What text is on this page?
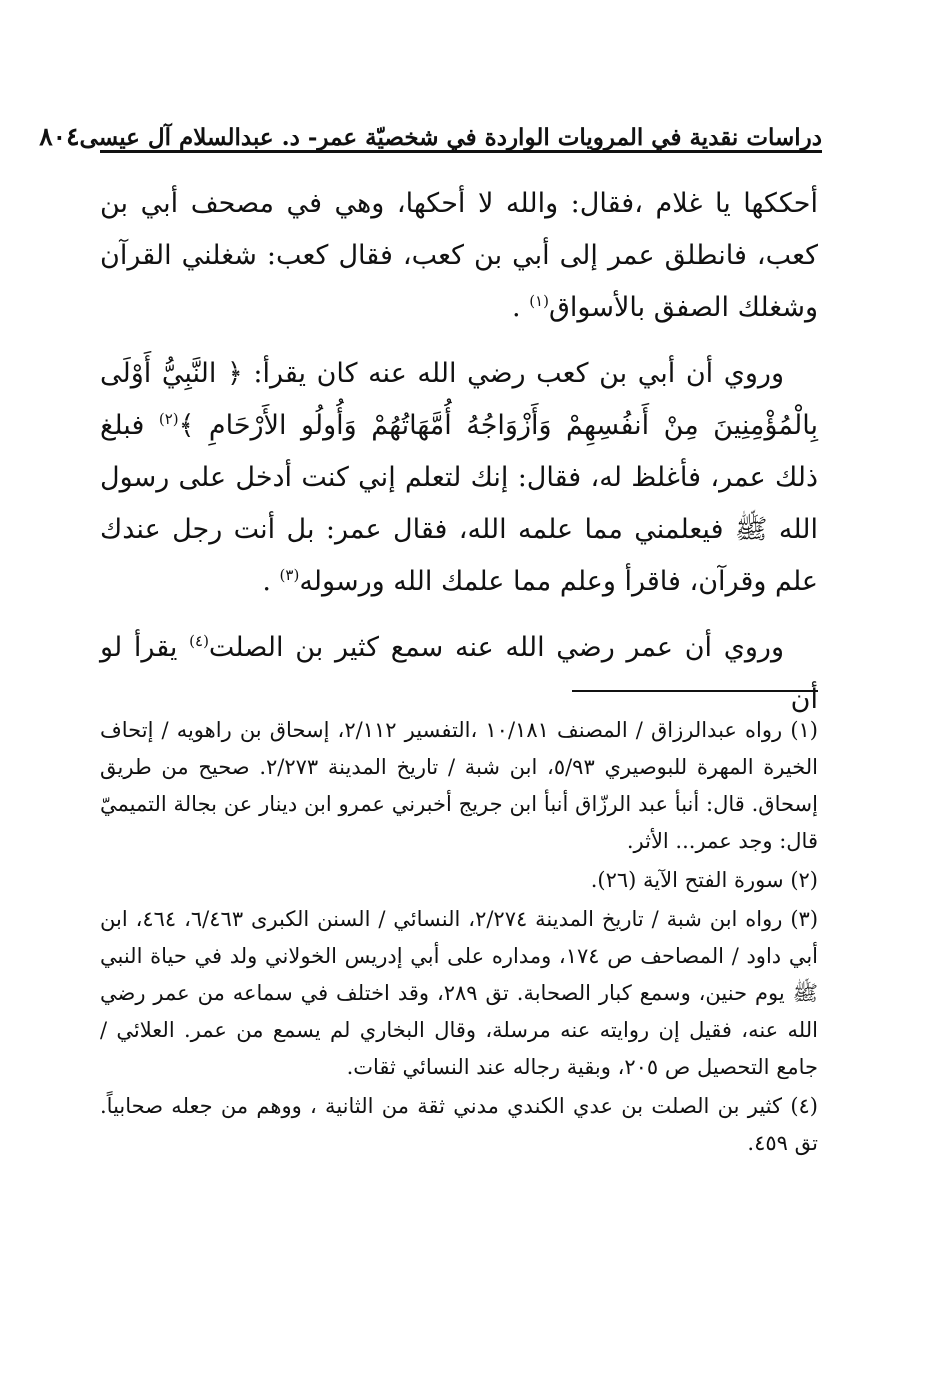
دراسات نقدية في المرويات الواردة في شخصيّة عمر- د. عبدالسلام آل عيسى
٨٠٤

أحككها يا غلام ،فقال: والله لا أحكها، وهي في مصحف أبي بن كعب، فانطلق عمر إلى أبي بن كعب، فقال كعب: شغلني القرآن وشغلك الصفق بالأسواق$^{(١)}$ .

وروي أن أبي بن كعب رضي الله عنه كان يقرأ: ﴿ النَّبِيُّ أَوْلَى بِالْمُؤْمِنِينَ مِنْ أَنفُسِهِمْ وَأَزْوَاجُهُ أُمَّهَاتُهُمْ وَأُولُو الأَرْحَامِ ﴾$^{(٢)}$ فبلغ ذلك عمر، فأغلظ له، فقال: إنك لتعلم إني كنت أدخل على رسول الله ﷺ فيعلمني مما علمه الله، فقال عمر: بل أنت رجل عندك علم وقرآن، فاقرأ وعلم مما علمك الله ورسوله$^{(٣)}$ .

وروي أن عمر رضي الله عنه سمع كثير بن الصلت$^{(٤)}$ يقرأ لو أن

(١) رواه عبدالرزاق / المصنف ١٠/١٨١ ،التفسير ٢/١١٢، إسحاق بن راهويه / إتحاف الخيرة المهرة للبوصيري ٥/٩٣، ابن شبة / تاريخ المدينة ٢/٢٧٣. صحيح من طريق إسحاق. قال: أنبأ عبد الرزّاق أنبأ ابن جريج أخبرني عمرو ابن دينار عن بجالة التميميّ قال: وجد عمر... الأثر.

(٢) سورة الفتح الآية (٢٦).

(٣) رواه ابن شبة / تاريخ المدينة ٢/٢٧٤، النسائي / السنن الكبرى ٦/٤٦٣، ٤٦٤، ابن أبي داود / المصاحف ص ١٧٤، ومداره على أبي إدريس الخولاني ولد في حياة النبي ﷺ يوم حنين، وسمع كبار الصحابة. تق ٢٨٩، وقد اختلف في سماعه من عمر رضي الله عنه، فقيل إن روايته عنه مرسلة، وقال البخاري لم يسمع من عمر. العلائي / جامع التحصيل ص ٢٠٥، وبقية رجاله عند النسائي ثقات.

(٤) كثير بن الصلت بن عدي الكندي مدني ثقة من الثانية ، ووهم من جعله صحابياً. تق ٤٥٩.
